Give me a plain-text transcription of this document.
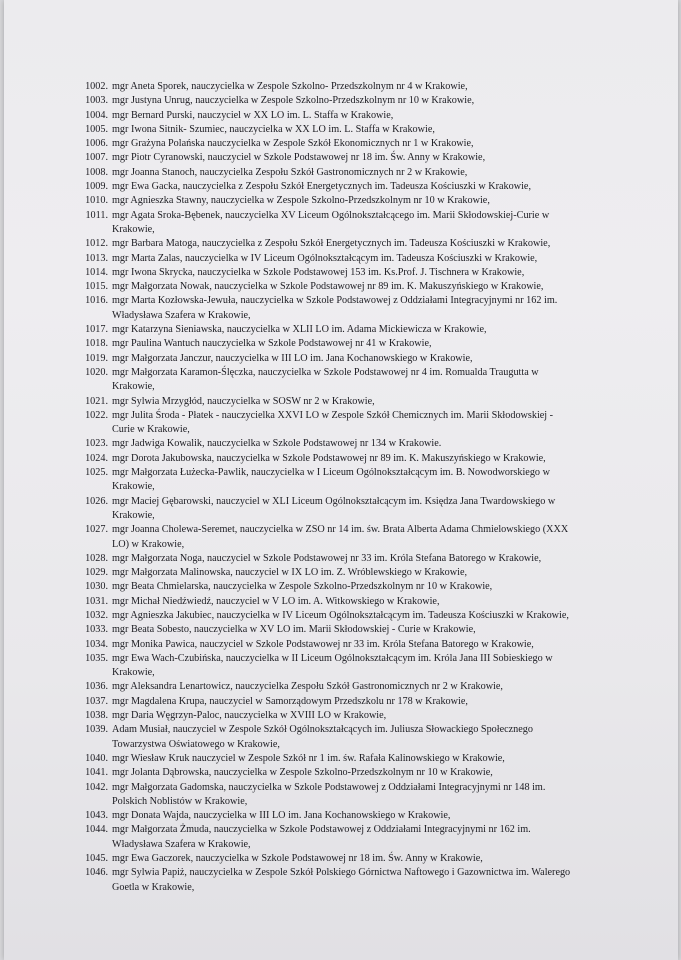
1002. mgr Aneta Sporek, nauczycielka w Zespole Szkolno- Przedszkolnym nr 4 w Krakowie,
1003. mgr Justyna Unrug, nauczycielka w Zespole Szkolno-Przedszkolnym nr 10 w Krakowie,
1004. mgr Bernard Purski, nauczyciel w XX LO im. L. Staffa w Krakowie,
1005. mgr Iwona Sitnik- Szumiec, nauczycielka w XX LO im. L. Staffa w Krakowie,
1006. mgr Grażyna Polańska nauczycielka w Zespole Szkół Ekonomicznych nr 1 w Krakowie,
1007. mgr Piotr Cyranowski, nauczyciel w Szkole Podstawowej nr 18 im. Św. Anny w Krakowie,
1008. mgr Joanna Stanoch, nauczycielka Zespołu Szkół Gastronomicznych nr 2 w Krakowie,
1009. mgr Ewa Gacka, nauczycielka z Zespołu Szkół Energetycznych im. Tadeusza Kościuszki w Krakowie,
1010. mgr Agnieszka Stawny, nauczycielka w Zespole Szkolno-Przedszkolnym nr 10 w Krakowie,
1011. mgr Agata Sroka-Bębenek, nauczycielka XV Liceum Ogólnokształcącego im. Marii Skłodowskiej-Curie w
Krakowie,
1012. mgr Barbara Matoga, nauczycielka z Zespołu Szkół Energetycznych im. Tadeusza Kościuszki w Krakowie,
1013. mgr Marta Zalas, nauczycielka w IV Liceum Ogólnokształcącym im. Tadeusza Kościuszki w Krakowie,
1014. mgr Iwona Skrycka, nauczycielka w Szkole Podstawowej 153 im. Ks.Prof. J. Tischnera w Krakowie,
1015. mgr Małgorzata Nowak, nauczycielka w Szkole Podstawowej nr 89 im. K. Makuszyńskiego w Krakowie,
1016. mgr Marta Kozłowska-Jewuła, nauczycielka w Szkole Podstawowej z Oddziałami Integracyjnymi nr 162 im.
Władysława Szafera w Krakowie,
1017. mgr Katarzyna Sieniawska, nauczycielka w XLII LO im. Adama Mickiewicza w Krakowie,
1018. mgr Paulina Wantuch nauczycielka w Szkole Podstawowej nr 41 w Krakowie,
1019. mgr Małgorzata Janczur, nauczycielka w III LO im. Jana Kochanowskiego w Krakowie,
1020. mgr Małgorzata Karamon-Ślęczka, nauczycielka w Szkole Podstawowej nr 4 im. Romualda Traugutta w
Krakowie,
1021. mgr Sylwia Mrzygłód, nauczycielka w SOSW nr 2 w Krakowie,
1022. mgr Julita Środa - Płatek - nauczycielka XXVI LO w Zespole Szkół Chemicznych im. Marii Skłodowskiej -
Curie w Krakowie,
1023. mgr Jadwiga Kowalik, nauczycielka w Szkole Podstawowej nr 134 w Krakowie.
1024. mgr Dorota Jakubowska, nauczycielka w Szkole Podstawowej nr 89 im. K. Makuszyńskiego w Krakowie,
1025. mgr Małgorzata Łużecka-Pawlik, nauczycielka w I Liceum Ogólnokształcącym im. B. Nowodworskiego w
Krakowie,
1026. mgr Maciej Gębarowski, nauczyciel w XLI Liceum Ogólnokształcącym im. Księdza Jana Twardowskiego w
Krakowie,
1027. mgr Joanna Cholewa-Seremet, nauczycielka w ZSO nr 14 im. św. Brata Alberta Adama Chmielowskiego (XXX
LO) w Krakowie,
1028. mgr Małgorzata Noga, nauczyciel w Szkole Podstawowej nr 33 im. Króla Stefana Batorego w Krakowie,
1029. mgr Małgorzata Malinowska, nauczyciel w IX LO im. Z. Wróblewskiego w Krakowie,
1030. mgr Beata Chmielarska, nauczycielka w Zespole Szkolno-Przedszkolnym nr 10 w Krakowie,
1031. mgr Michał Niedźwiedź, nauczyciel w V LO im. A. Witkowskiego w Krakowie,
1032. mgr Agnieszka Jakubiec, nauczycielka w IV Liceum Ogólnokształcącym im. Tadeusza Kościuszki w Krakowie,
1033. mgr Beata Sobesto, nauczycielka w XV LO im. Marii Skłodowskiej - Curie w Krakowie,
1034. mgr Monika Pawica, nauczyciel w Szkole Podstawowej nr 33 im. Króla Stefana Batorego w Krakowie,
1035. mgr Ewa Wach-Czubińska, nauczycielka w II Liceum Ogólnokształcącym im. Króla Jana III Sobieskiego w
Krakowie,
1036. mgr Aleksandra Lenartowicz, nauczycielka Zespołu Szkół Gastronomicznych nr 2 w Krakowie,
1037. mgr Magdalena Krupa, nauczyciel w Samorządowym Przedszkolu nr 178 w Krakowie,
1038. mgr Daria Węgrzyn-Paloc, nauczycielka w XVIII LO w Krakowie,
1039. Adam Musiał, nauczyciel w Zespole Szkół Ogólnokształcących im. Juliusza Słowackiego Społecznego
Towarzystwa Oświatowego w Krakowie,
1040. mgr Wiesław Kruk nauczyciel w Zespole Szkół nr 1 im. św. Rafała Kalinowskiego w Krakowie,
1041. mgr Jolanta Dąbrowska, nauczycielka w Zespole Szkolno-Przedszkolnym nr 10 w Krakowie,
1042. mgr Małgorzata Gadomska, nauczycielka w Szkole Podstawowej z Oddziałami Integracyjnymi nr 148 im.
Polskich Noblistów w Krakowie,
1043. mgr Donata Wajda, nauczycielka w III LO im. Jana Kochanowskiego w Krakowie,
1044. mgr Małgorzata Żmuda, nauczycielka w Szkole Podstawowej z Oddziałami Integracyjnymi nr 162 im.
Władysława Szafera w Krakowie,
1045. mgr Ewa Gaczorek, nauczycielka w Szkole Podstawowej nr 18 im. Św. Anny w Krakowie,
1046. mgr Sylwia Papiż, nauczycielka w Zespole Szkół Polskiego Górnictwa Naftowego i Gazownictwa im. Walerego
Goetla w Krakowie,
